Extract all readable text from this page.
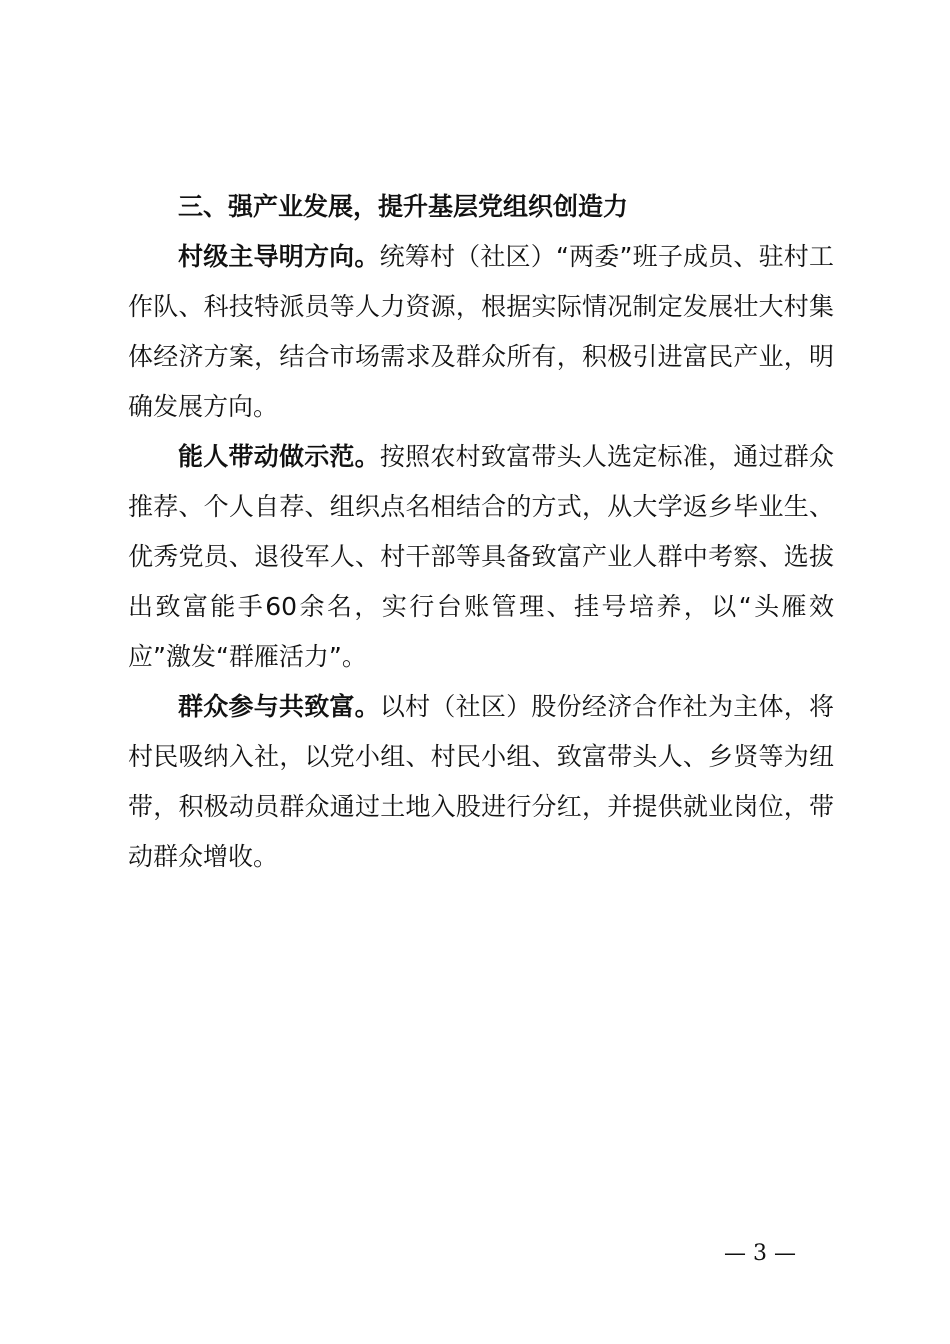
三、强产业发展，提升基层党组织创造力

村级主导明方向。统筹村（社区）“两委”班子成员、驻村工作队、科技特派员等人力资源，根据实际情况制定发展壮大村集体经济方案，结合市场需求及群众所有，积极引进富民产业，明确发展方向。

能人带动做示范。按照农村致富带头人选定标准，通过群众推荐、个人自荐、组织点名相结合的方式，从大学返乡毕业生、优秀党员、退役军人、村干部等具备致富产业人群中考察、选拔出致富能手60余名，实行台账管理、挂号培养，以“头雁效应”激发“群雁活力”。

群众参与共致富。以村（社区）股份经济合作社为主体，将村民吸纳入社，以党小组、村民小组、致富带头人、乡贤等为纽带，积极动员群众通过土地入股进行分红，并提供就业岗位，带动群众增收。

— 3 —
